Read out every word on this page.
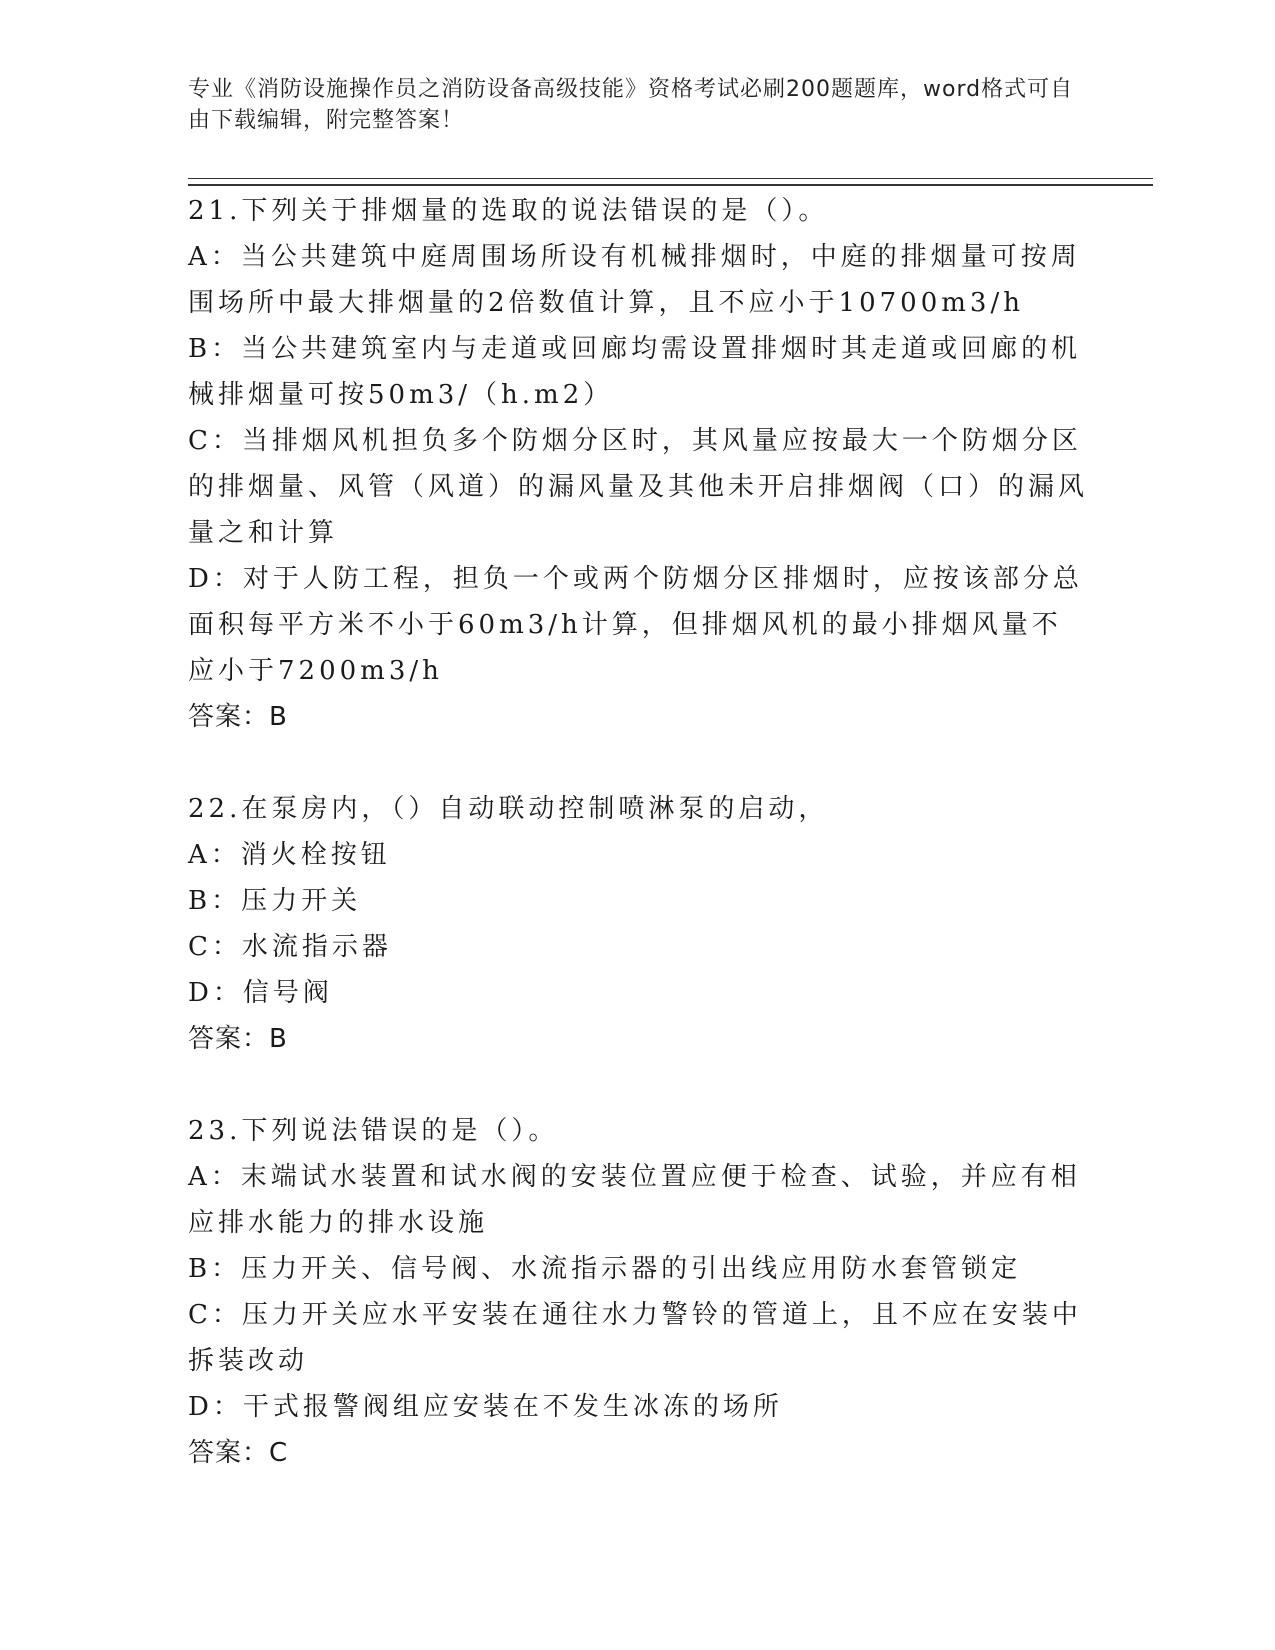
专业《消防设施操作员之消防设备高级技能》资格考试必刷200题题库，word格式可自由下载编辑，附完整答案！
21.下列关于排烟量的选取的说法错误的是（）。
A：当公共建筑中庭周围场所设有机械排烟时，中庭的排烟量可按周围场所中最大排烟量的2倍数值计算，且不应小于10700m3/h
B：当公共建筑室内与走道或回廊均需设置排烟时其走道或回廊的机械排烟量可按50m3/（h.m2）
C：当排烟风机担负多个防烟分区时，其风量应按最大一个防烟分区的排烟量、风管（风道）的漏风量及其他未开启排烟阀（口）的漏风量之和计算
D：对于人防工程，担负一个或两个防烟分区排烟时，应按该部分总面积每平方米不小于60m3/h计算，但排烟风机的最小排烟风量不应小于7200m3/h
答案：B
22.在泵房内，（）自动联动控制喷淋泵的启动，
A：消火栓按钮
B：压力开关
C：水流指示器
D：信号阀
答案：B
23.下列说法错误的是（）。
A：末端试水装置和试水阀的安装位置应便于检查、试验，并应有相应排水能力的排水设施
B：压力开关、信号阀、水流指示器的引出线应用防水套管锁定
C：压力开关应水平安装在通往水力警铃的管道上，且不应在安装中拆装改动
D：干式报警阀组应安装在不发生冰冻的场所
答案：C
